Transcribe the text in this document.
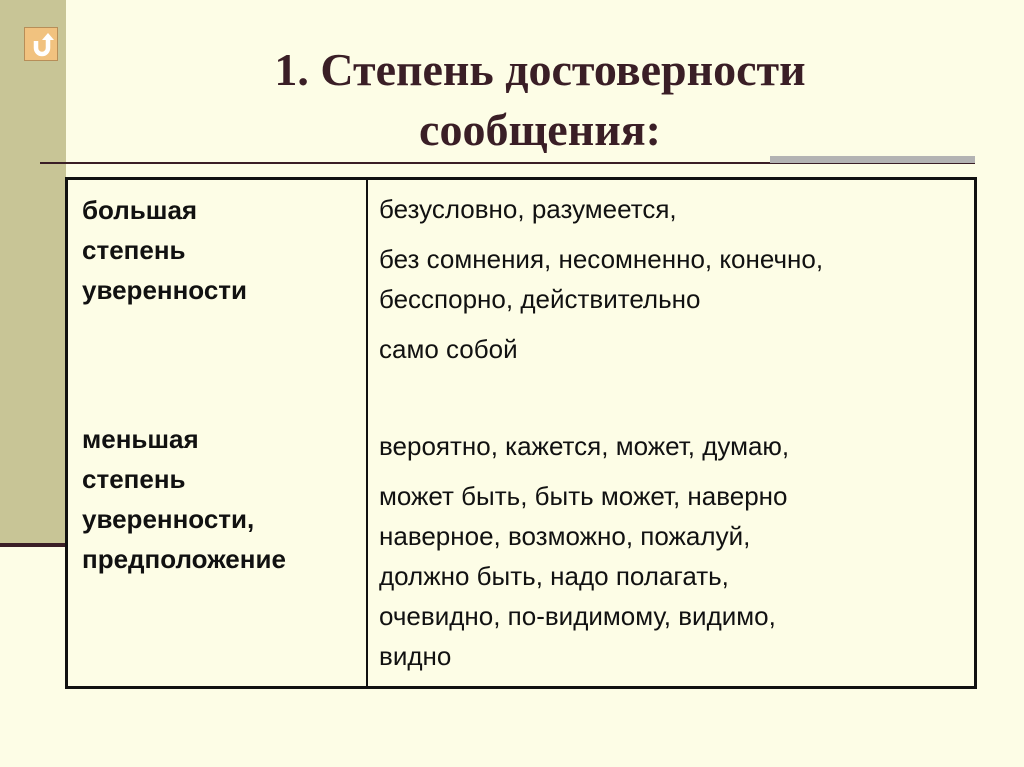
1. Степень достоверности
сообщения:
большая
степень
уверенности
безусловно, разумеется,
без сомнения, несомненно, конечно,
бесспорно, действительно
само собой
меньшая
степень
уверенности,
предположение
вероятно, кажется, может, думаю,
может быть, быть может, наверно
наверное, возможно, пожалуй,
должно быть, надо полагать,
очевидно, по-видимому, видимо,
видно
